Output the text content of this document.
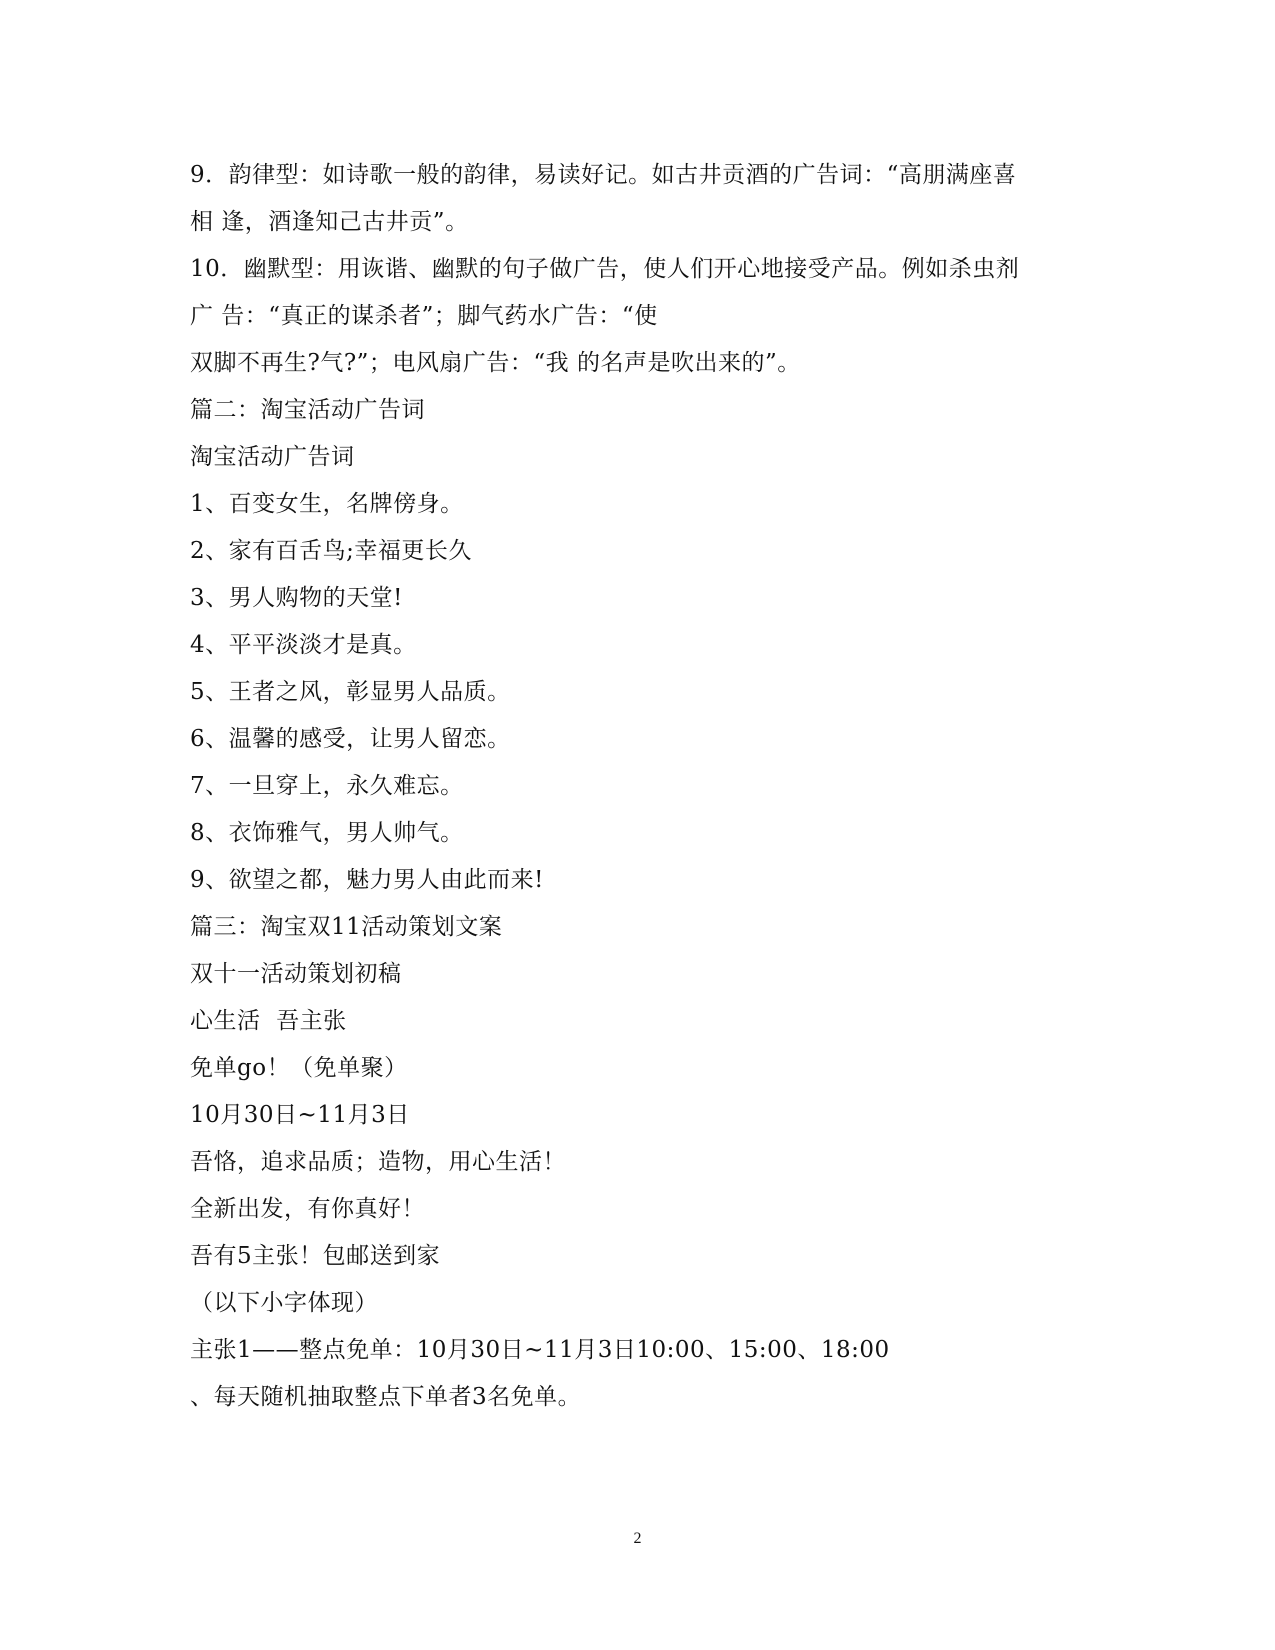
9．韵律型：如诗歌一般的韵律，易读好记。如古井贡酒的广告词：“高朋满座喜
相 逢，酒逢知己古井贡”。
10．幽默型：用诙谐、幽默的句子做广告，使人们开心地接受产品。例如杀虫剂
广 告：“真正的谋杀者”；脚气药水广告：“使
双脚不再生?气?”；电风扇广告：“我 的名声是吹出来的”。
篇二：淘宝活动广告词
淘宝活动广告词
1、百变女生，名牌傍身。
2、家有百舌鸟;幸福更长久
3、男人购物的天堂!
4、平平淡淡才是真。
5、王者之风，彰显男人品质。
6、温馨的感受，让男人留恋。
7、一旦穿上，永久难忘。
8、衣饰雅气，男人帅气。
9、欲望之都，魅力男人由此而来!
篇三：淘宝双11活动策划文案
双十一活动策划初稿
心生活  吾主张
免单go！（免单聚）
10月30日~11月3日
吾恪，追求品质；造物，用心生活！
全新出发，有你真好！
吾有5主张！包邮送到家
（以下小字体现）
主张1——整点免单：10月30日~11月3日10:00、15:00、18:00
、每天随机抽取整点下单者3名免单。
2
